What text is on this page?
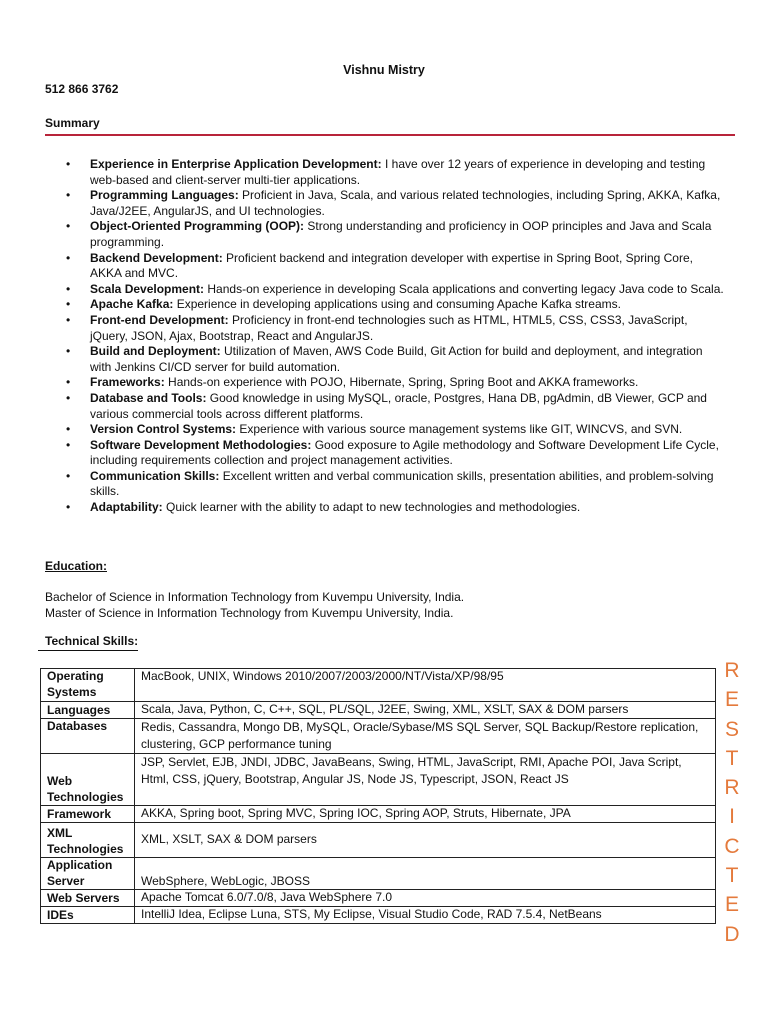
Vishnu Mistry
512 866 3762
Summary
•	Experience in Enterprise Application Development: I have over 12 years of experience in developing and testing web-based and client-server multi-tier applications.
•	Programming Languages: Proficient in Java, Scala, and various related technologies, including Spring, AKKA, Kafka, Java/J2EE, AngularJS, and UI technologies.
•	Object-Oriented Programming (OOP): Strong understanding and proficiency in OOP principles and Java and Scala programming.
•	Backend Development: Proficient backend and integration developer with expertise in Spring Boot, Spring Core, AKKA and MVC.
•	Scala Development: Hands-on experience in developing Scala applications and converting legacy Java code to Scala.
•	Apache Kafka: Experience in developing applications using and consuming Apache Kafka streams.
•	Front-end Development: Proficiency in front-end technologies such as HTML, HTML5, CSS, CSS3, JavaScript, jQuery, JSON, Ajax, Bootstrap, React and AngularJS.
•	Build and Deployment: Utilization of Maven, AWS Code Build, Git Action for build and deployment, and integration with Jenkins CI/CD server for build automation.
•	Frameworks: Hands-on experience with POJO, Hibernate, Spring, Spring Boot and AKKA frameworks.
•	Database and Tools: Good knowledge in using MySQL, oracle, Postgres, Hana DB, pgAdmin, dB Viewer, GCP and various commercial tools across different platforms.
•	Version Control Systems: Experience with various source management systems like GIT, WINCVS, and SVN.
•	Software Development Methodologies: Good exposure to Agile methodology and Software Development Life Cycle, including requirements collection and project management activities.
•	Communication Skills: Excellent written and verbal communication skills, presentation abilities, and problem-solving skills.
•	Adaptability: Quick learner with the ability to adapt to new technologies and methodologies.
Education:
Bachelor of Science in Information Technology from Kuvempu University, India.
Master of Science in Information Technology from Kuvempu University, India.
Technical Skills:
Operating Systems	MacBook, UNIX, Windows 2010/2007/2003/2000/NT/Vista/XP/98/95
Languages	Scala, Java, Python, C, C++, SQL, PL/SQL, J2EE, Swing, XML, XSLT, SAX & DOM parsers
Databases	Redis, Cassandra, Mongo DB, MySQL, Oracle/Sybase/MS SQL Server, SQL Backup/Restore replication, clustering, GCP performance tuning
Web Technologies	JSP, Servlet, EJB, JNDI, JDBC, JavaBeans, Swing, HTML, JavaScript, RMI, Apache POI, Java Script,
Html, CSS, jQuery, Bootstrap, Angular JS, Node JS, Typescript, JSON, React JS
Framework	AKKA, Spring boot, Spring MVC, Spring IOC, Spring AOP, Struts, Hibernate, JPA
XML Technologies	XML, XSLT, SAX & DOM parsers
Application Server	WebSphere, WebLogic, JBOSS
Web Servers	Apache Tomcat 6.0/7.0/8, Java WebSphere 7.0
IDEs	IntelliJ Idea, Eclipse Luna, STS, My Eclipse, Visual Studio Code, RAD 7.5.4, NetBeans
R
E
S
T
R
I
C
T
E
D
